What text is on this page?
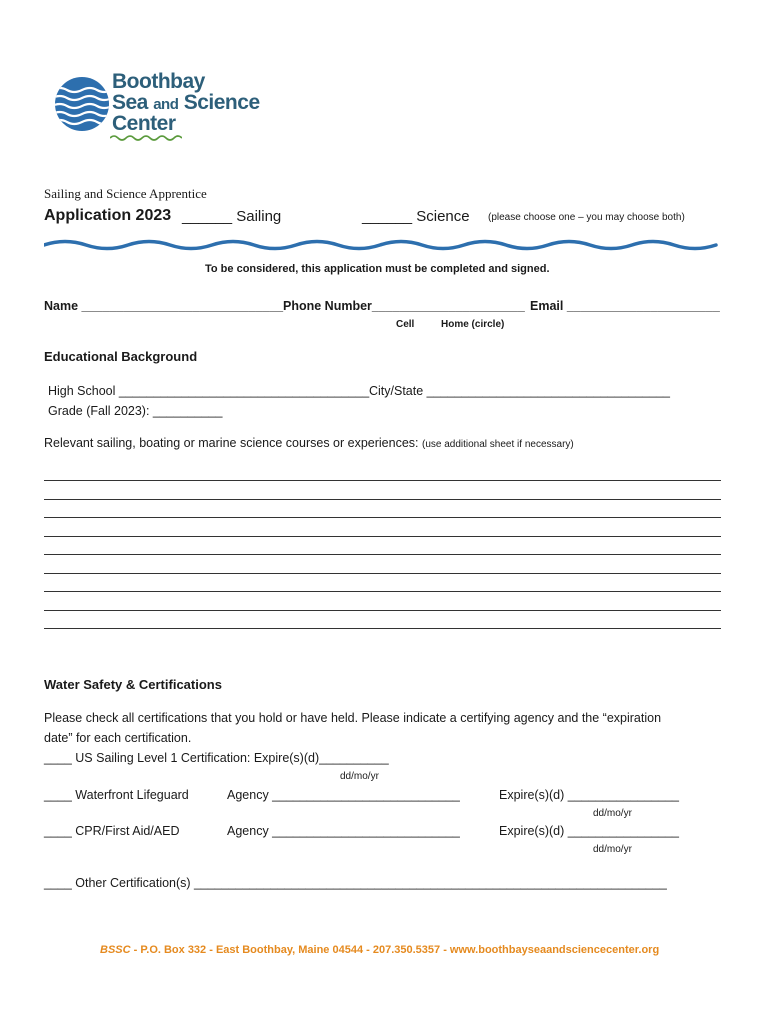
Boothbay
Sea and Science
Center
Sailing and Science Apprentice
Application 2023 ______ Sailing	______ Science (please choose one – you may choose both)
To be considered, this application must be completed and signed.
Name _____________________________ Phone Number______________________ Email ______________________
Cell	Home (circle)
Educational Background
High School ____________________________________ City/State ___________________________________
Grade (Fall 2023): __________
Relevant sailing, boating or marine science courses or experiences: (use additional sheet if necessary)
Water Safety & Certifications
Please check all certifications that you hold or have held. Please indicate a certifying agency and the “expiration
date” for each certification.
____ US Sailing Level 1 Certification: Expire(s)(d)__________
dd/mo/yr
____ Waterfront Lifeguard	Agency ___________________________	Expire(s)(d) ________________
dd/mo/yr
____ CPR/First Aid/AED	Agency ___________________________	Expire(s)(d) ________________
dd/mo/yr
____ Other Certification(s) ____________________________________________________________________
BSSC - P.O. Box 332 - East Boothbay, Maine 04544 - 207.350.5357 - www.boothbayseaandsciencecenter.org
